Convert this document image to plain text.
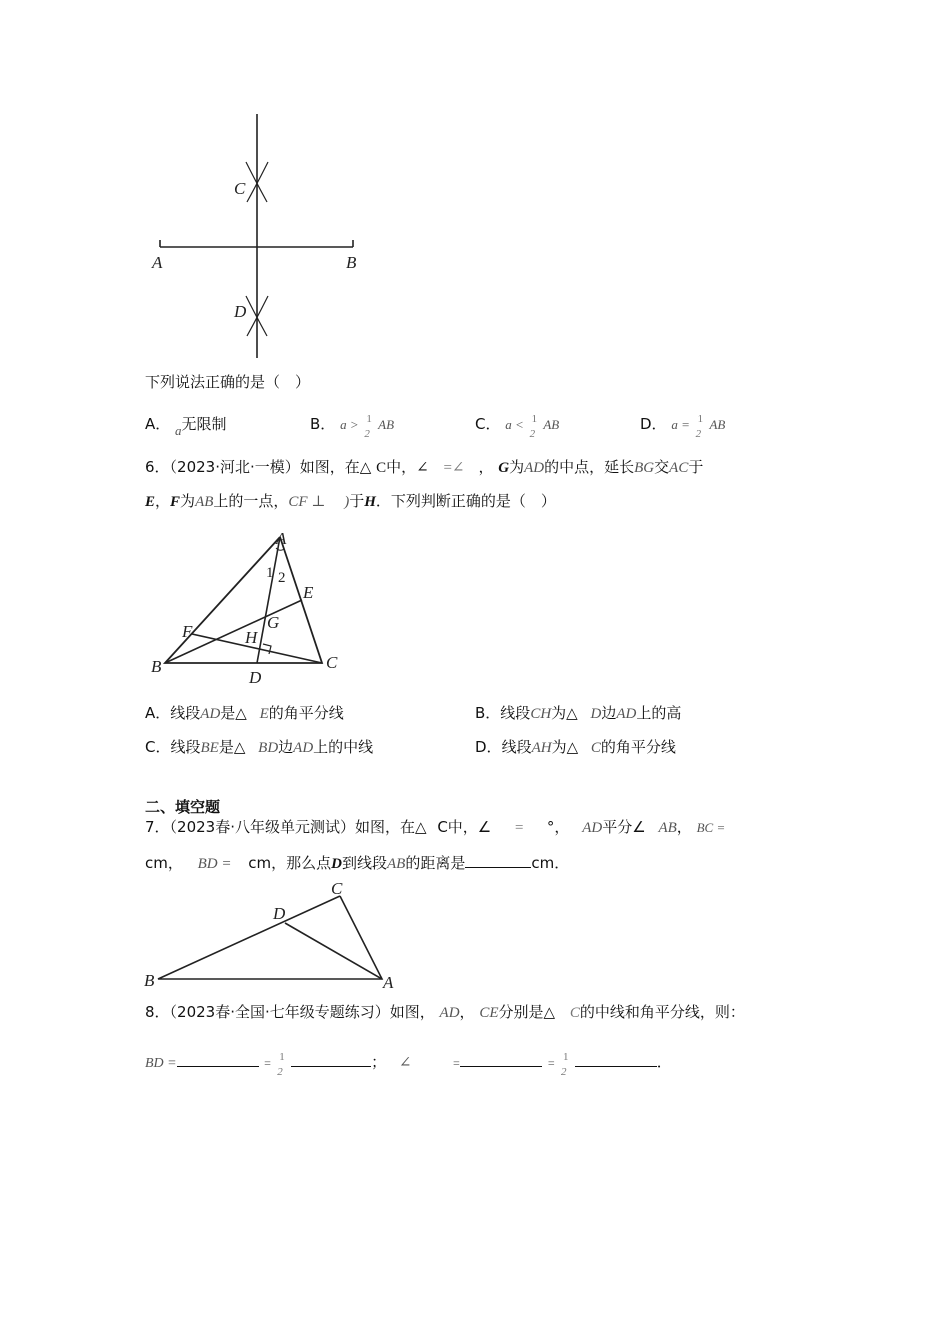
C
A	B
D
下列说法正确的是（　）
A． a无限制	B． a > 1
2
AB	C． a < 1
2
AB	D． a = 1
2
AB
6．（2023·河北·一模）如图，在△ C中，∠ =∠ ， G为AD的中点，延长BG交AC于
E，F为AB上的一点，CF ⊥ )于H．下列判断正确的是（　）
A
1 2
E
G
F	H
B	C
D
A．线段AD是△ E的角平分线	B．线段CH为△ D边AD上的高
C．线段BE是△ BD边AD上的中线	D．线段AH为△ C的角平分线
二、填空题
7．（2023春·八年级单元测试）如图，在△ C中，∠ = °， AD平分∠ AB， BC =
cm， BD = cm，那么点D到线段AB的距离是	cm．
C
D
B	A
8．（2023春·全国·七年级专题练习）如图， AD， CE分别是△ C的中线和角平分线，则：
BD =	= 1
2
； ∠	=	= 1
2
．
